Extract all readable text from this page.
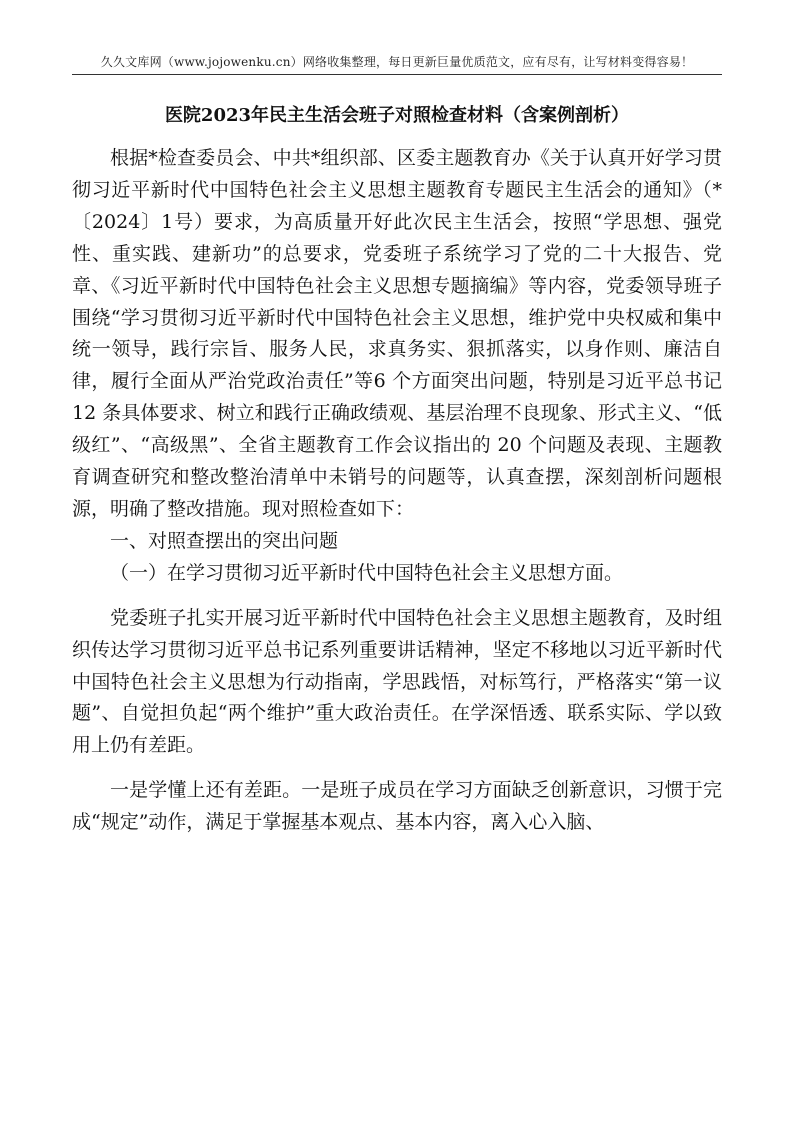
久久文库网（www.jojowenku.cn）网络收集整理，每日更新巨量优质范文，应有尽有，让写材料变得容易！
医院2023年民主生活会班子对照检查材料（含案例剖析）

根据*检查委员会、中共*组织部、区委主题教育办《关于认真开好学习贯彻习近平新时代中国特色社会主义思想主题教育专题民主生活会的通知》（*〔2024〕1号）要求，为高质量开好此次民主生活会，按照“学思想、强党性、重实践、建新功”的总要求，党委班子系统学习了党的二十大报告、党章、《习近平新时代中国特色社会主义思想专题摘编》等内容，党委领导班子围绕“学习贯彻习近平新时代中国特色社会主义思想，维护党中央权威和集中统一领导，践行宗旨、服务人民，求真务实、狠抓落实，以身作则、廉洁自律，履行全面从严治党政治责任”等6 个方面突出问题，特别是习近平总书记 12 条具体要求、树立和践行正确政绩观、基层治理不良现象、形式主义、“低级红”、“高级黑”、全省主题教育工作会议指出的 20 个问题及表现、主题教育调查研究和整改整治清单中未销号的问题等，认真查摆，深刻剖析问题根源，明确了整改措施。现对照检查如下：

一、对照查摆出的突出问题

（一）在学习贯彻习近平新时代中国特色社会主义思想方面。

党委班子扎实开展习近平新时代中国特色社会主义思想主题教育，及时组织传达学习贯彻习近平总书记系列重要讲话精神，坚定不移地以习近平新时代中国特色社会主义思想为行动指南，学思践悟，对标笃行，严格落实“第一议题”、自觉担负起“两个维护”重大政治责任。在学深悟透、联系实际、学以致用上仍有差距。

一是学懂上还有差距。一是班子成员在学习方面缺乏创新意识，习惯于完成“规定”动作，满足于掌握基本观点、基本内容，离入心入脑、
